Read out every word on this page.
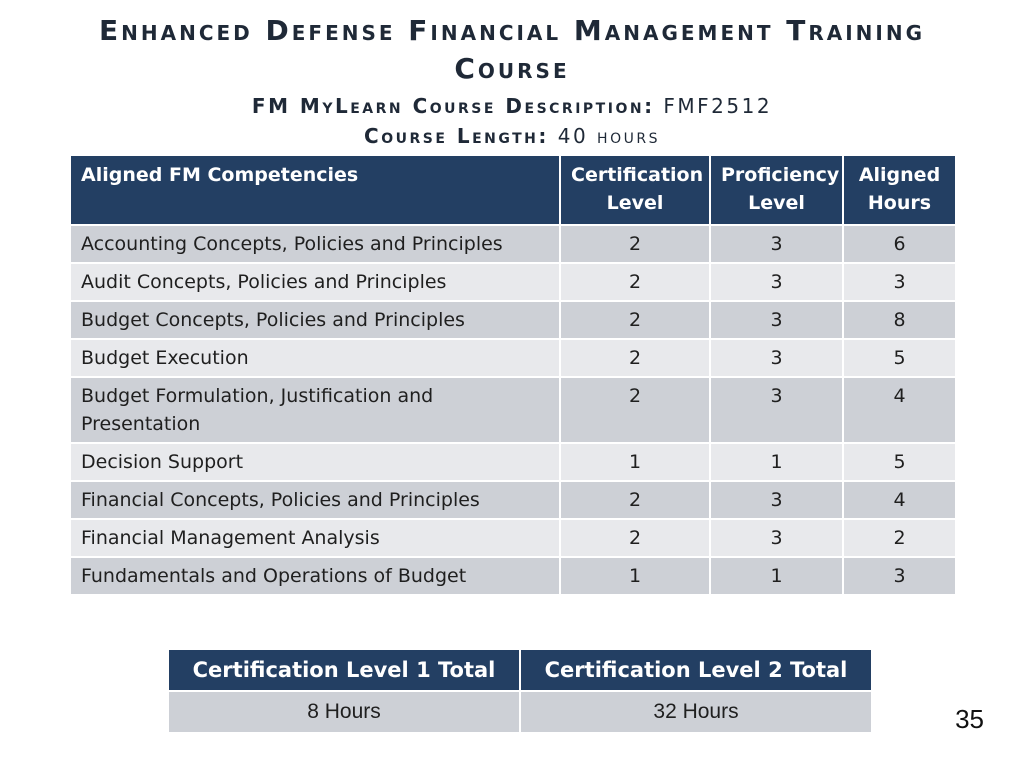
Enhanced Defense Financial Management Training
Course
FM MyLearn Course Description: FMF2512
Course Length: 40 hours
Aligned FM Competencies	Certification Level	Proficiency Level	Aligned Hours
Accounting Concepts, Policies and Principles	2	3	6
Audit Concepts, Policies and Principles	2	3	3
Budget Concepts, Policies and Principles	2	3	8
Budget Execution	2	3	5
Budget Formulation, Justification and Presentation	2	3	4
Decision Support	1	1	5
Financial Concepts, Policies and Principles	2	3	4
Financial Management Analysis	2	3	2
Fundamentals and Operations of Budget	1	1	3
Certification Level 1 Total	Certification Level 2 Total
8 Hours	32 Hours	35
